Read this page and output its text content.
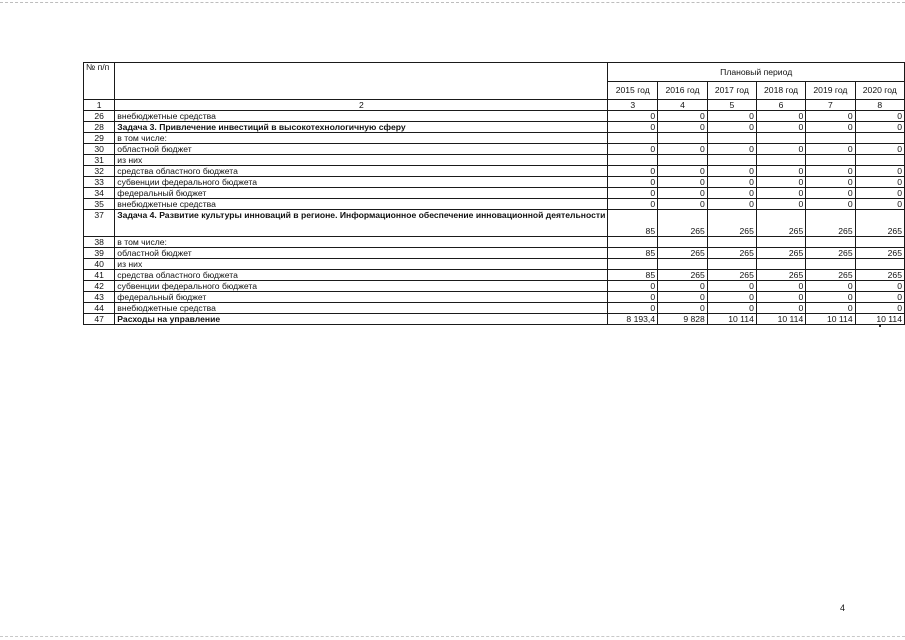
№ п/п		Плановый период					
		2015 год	2016 год	2017 год	2018 год	2019 год	2020 год
1	2	3	4	5	6	7	8
26	внебюджетные средства	0	0	0	0	0	0
28	Задача 3. Привлечение инвестиций в высокотехнологичную сферу	0	0	0	0	0	0
29	в том числе:						
30	областной бюджет	0	0	0	0	0	0
31	из них						
32	средства областного бюджета	0	0	0	0	0	0
33	субвенции федерального бюджета	0	0	0	0	0	0
34	федеральный бюджет	0	0	0	0	0	0
35	внебюджетные средства	0	0	0	0	0	0
37	Задача 4. Развитие культуры инноваций в регионе. Информационное обеспечение инновационной деятельности	85	265	265	265	265	265
38	в том числе:						
39	областной бюджет	85	265	265	265	265	265
40	из них						
41	средства областного бюджета	85	265	265	265	265	265
42	субвенции федерального бюджета	0	0	0	0	0	0
43	федеральный бюджет	0	0	0	0	0	0
44	внебюджетные средства	0	0	0	0	0	0
47	Расходы на управление	8 193,4	9 828	10 114	10 114	10 114	10 114
4
